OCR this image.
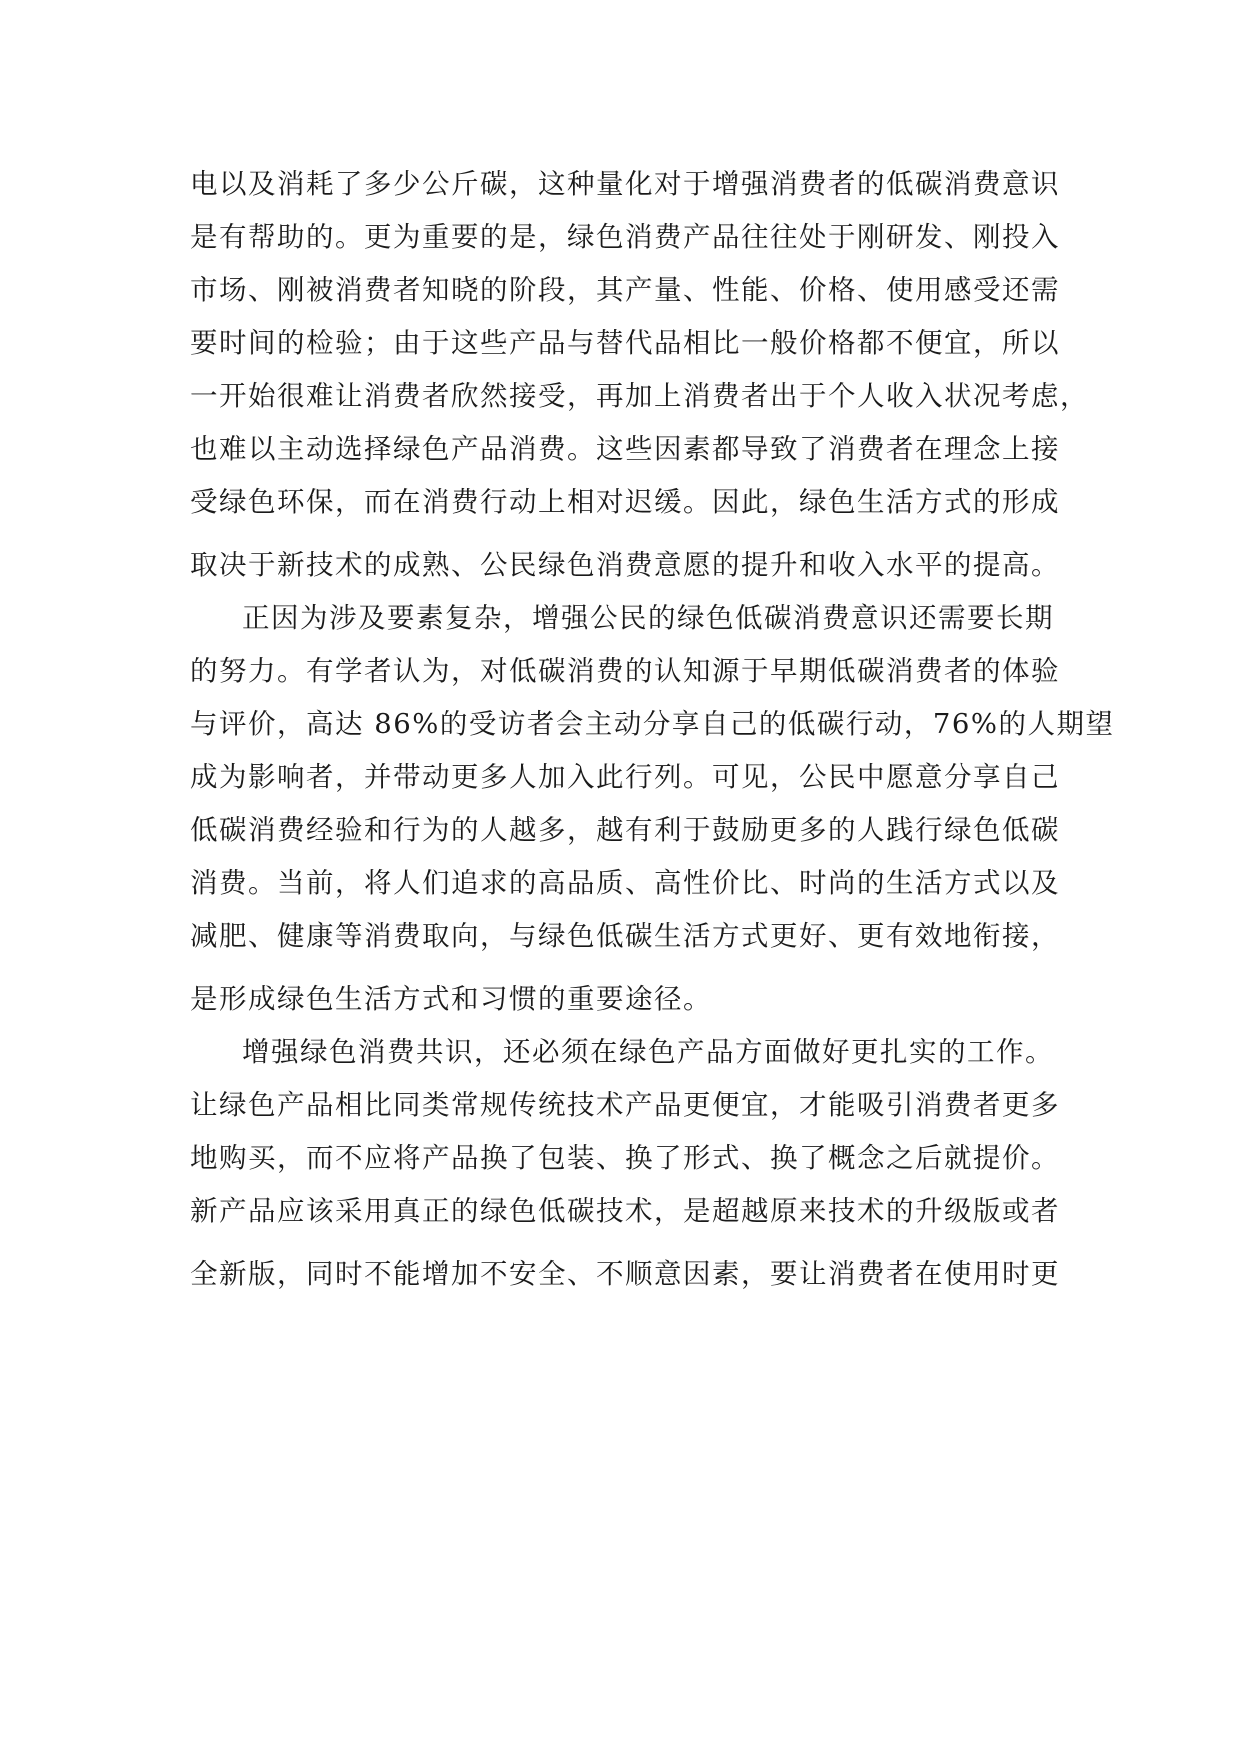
电以及消耗了多少公斤碳，这种量化对于增强消费者的低碳消费意识
是有帮助的。更为重要的是，绿色消费产品往往处于刚研发、刚投入
市场、刚被消费者知晓的阶段，其产量、性能、价格、使用感受还需
要时间的检验；由于这些产品与替代品相比一般价格都不便宜，所以
一开始很难让消费者欣然接受，再加上消费者出于个人收入状况考虑，
也难以主动选择绿色产品消费。这些因素都导致了消费者在理念上接
受绿色环保，而在消费行动上相对迟缓。因此，绿色生活方式的形成
取决于新技术的成熟、公民绿色消费意愿的提升和收入水平的提高。
正因为涉及要素复杂，增强公民的绿色低碳消费意识还需要长期
的努力。有学者认为，对低碳消费的认知源于早期低碳消费者的体验
与评价，高达 86%的受访者会主动分享自己的低碳行动，76%的人期望
成为影响者，并带动更多人加入此行列。可见，公民中愿意分享自己
低碳消费经验和行为的人越多，越有利于鼓励更多的人践行绿色低碳
消费。当前，将人们追求的高品质、高性价比、时尚的生活方式以及
减肥、健康等消费取向，与绿色低碳生活方式更好、更有效地衔接，
是形成绿色生活方式和习惯的重要途径。
增强绿色消费共识，还必须在绿色产品方面做好更扎实的工作。
让绿色产品相比同类常规传统技术产品更便宜，才能吸引消费者更多
地购买，而不应将产品换了包装、换了形式、换了概念之后就提价。
新产品应该采用真正的绿色低碳技术，是超越原来技术的升级版或者
全新版，同时不能增加不安全、不顺意因素，要让消费者在使用时更
